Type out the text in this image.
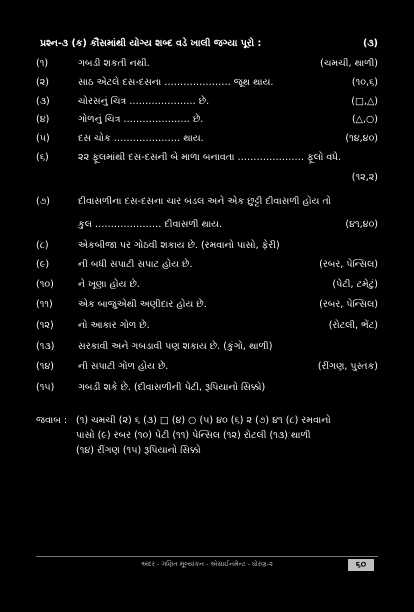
પ્રશ્ન-૩ (ક) કૌંસમાંથી યોગ્ય શબ્દ વડે ખાલી જગ્યા પૂરો :	(૩)
(૧)	ગબડી શકતી નથી.	(ચમચી, થાળી)
(૨)	સાઠ એટલે દસ-દસના ………………… જૂથ થાય.	(૧૦,૬)
(૩)	ચોરસનું ચિત્ર ………………… છે.	(□,△)
(૪)	ગોળનું ચિત્ર ………………… છે.	(△,○)
(૫)	દસ ચોક ………………… થાય.	(૧૪,૪૦)
(૬)	૨૨ ફૂલમાંથી દસ-દસની બે માળા બનાવતા ………………… ફૂલો વધે.
(૧૨,૨)
(૭)	દીવાસળીના દસ-દસના ચાર બંડલ અને એક છુટ્ટી દીવાસળી હોય તો
કુલ ………………… દીવાસળી થાય.	(૪૧,૪૦)
(૮)	એકબીજા પર ગોઠવી શકાય છે. (રમવાનો પાસો, ફેરી)
(૯)	ની બધી સપાટી સપાટ હોય છે.	(રબર, પેન્સિલ)
(૧૦)	ને ખૂણા હોય છે.	(પેટી, ટમેટું)
(૧૧)	એક બાજુએથી અણીદાર હોય છે.	(રબર, પેન્સિલ)
(૧૨)	નો આકાર ગોળ છે.	(રોટલી, ભેંટ)
(૧૩) સરકાવી અને ગબડાવી પણ શકાય છે. (કુંગો, થાળી)
(૧૪)	ની સપાટી ગોળ હોય છે.	(રીંગણ, પુસ્તક)
(૧૫) ગબડી શકે છે. (દીવાસળીની પેટી, રૂપિયાનો સિક્કો)
જવાબ : (૧) ચમચી (૨) ૬ (૩) □ (૪) ○ (૫) ૪૦ (૬) ૨ (૭) ૪૧ (૮) રમવાનો
પાસો (૯) રબર (૧૦) પેટી (૧૧) પેન્સિલ (૧૨) રોટલી (૧૩) થાળી
(૧૪) રીંગણ (૧૫) રૂપિયાનો સિક્કો
અંદર - ગણિત મૂલ્યાંકન - એસાઈનમેન્ટ - ધોરણ-૨	૬૦
